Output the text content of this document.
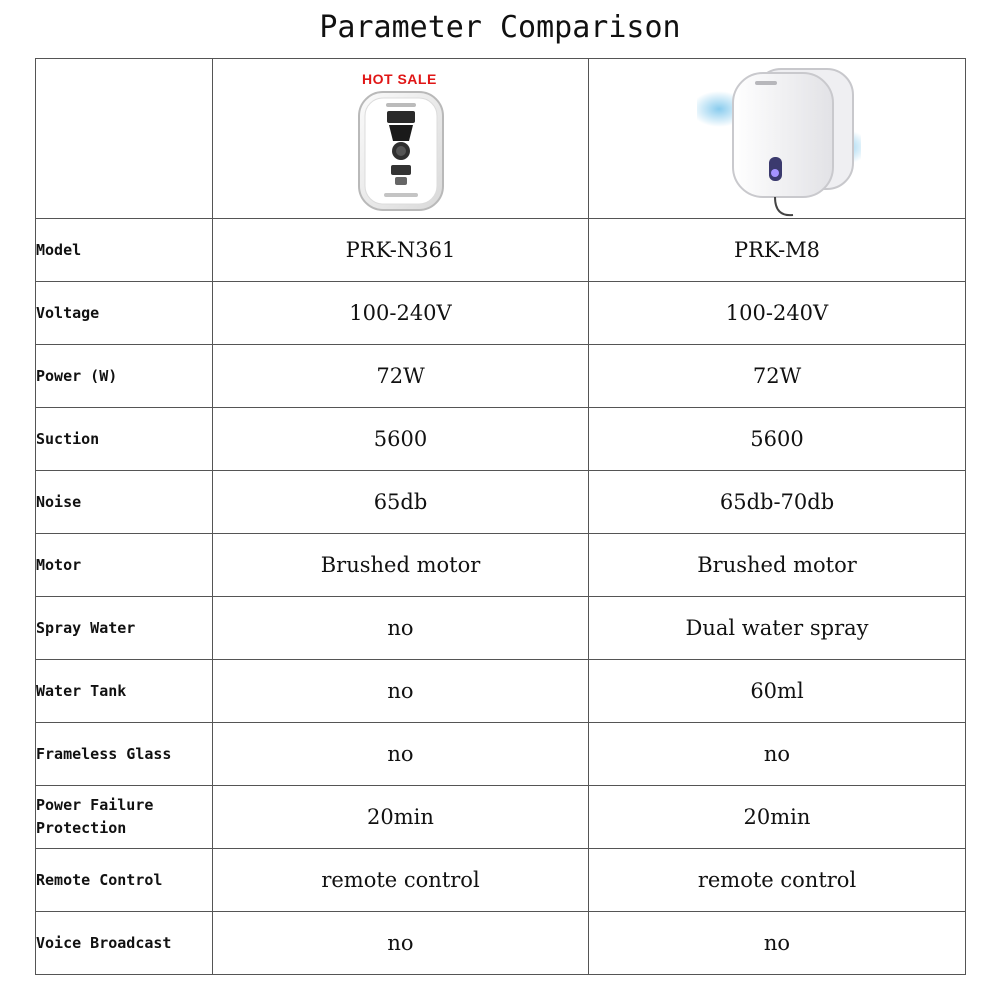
Parameter Comparison

	HOT SALE

Model	PRK-N361	PRK-M8
Voltage	100-240V	100-240V
Power (W)	72W	72W
Suction	5600	5600
Noise	65db	65db-70db
Motor	Brushed motor	Brushed motor
Spray Water	no	Dual water spray
Water Tank	no	60ml
Frameless Glass	no	no

Power Failure Protection	20min	20min
Remote Control	remote control	remote control
Voice Broadcast	no	no
